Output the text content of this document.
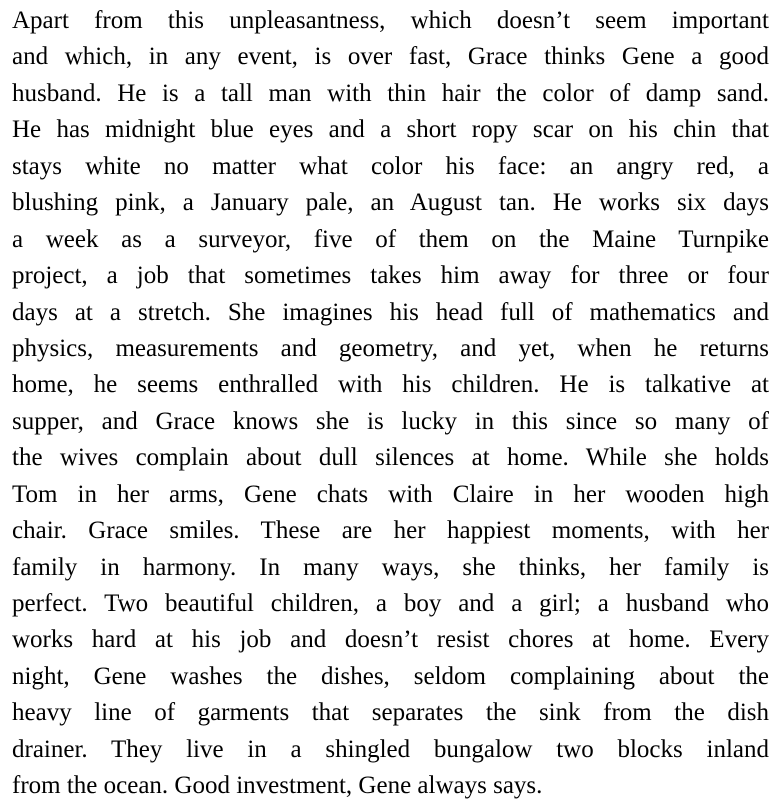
Apart from this unpleasantness, which doesn’t seem important
and which, in any event, is over fast, Grace thinks Gene a good
husband. He is a tall man with thin hair the color of damp sand.
He has midnight blue eyes and a short ropy scar on his chin that
stays white no matter what color his face: an angry red, a
blushing pink, a January pale, an August tan. He works six days
a week as a surveyor, five of them on the Maine Turnpike
project, a job that sometimes takes him away for three or four
days at a stretch. She imagines his head full of mathematics and
physics, measurements and geometry, and yet, when he returns
home, he seems enthralled with his children. He is talkative at
supper, and Grace knows she is lucky in this since so many of
the wives complain about dull silences at home. While she holds
Tom in her arms, Gene chats with Claire in her wooden high
chair. Grace smiles. These are her happiest moments, with her
family in harmony. In many ways, she thinks, her family is
perfect. Two beautiful children, a boy and a girl; a husband who
works hard at his job and doesn’t resist chores at home. Every
night, Gene washes the dishes, seldom complaining about the
heavy line of garments that separates the sink from the dish
drainer. They live in a shingled bungalow two blocks inland
from the ocean. Good investment, Gene always says.
